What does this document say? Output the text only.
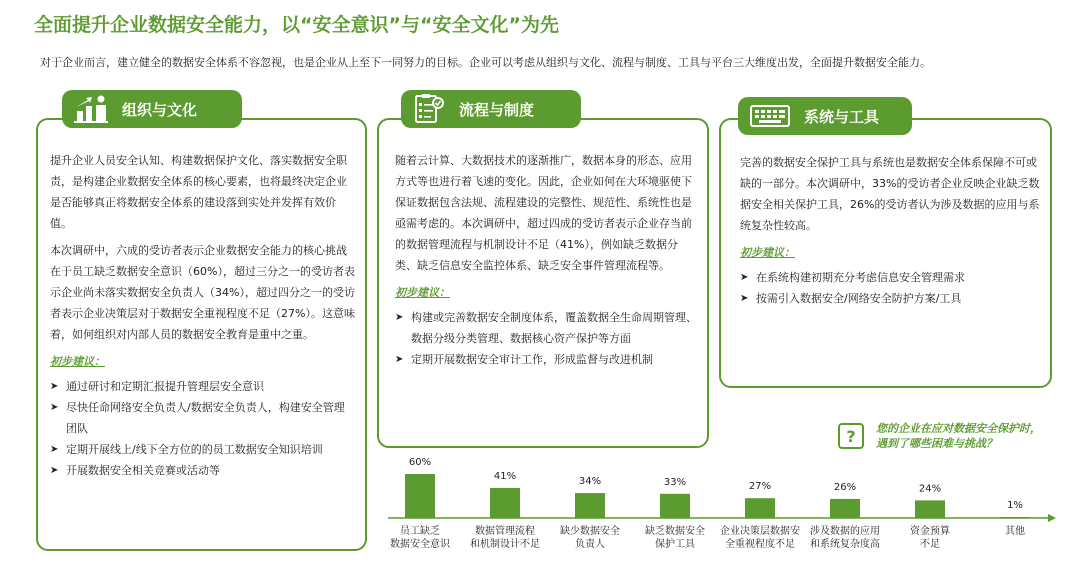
全面提升企业数据安全能力，以“安全意识”与“安全文化”为先
对于企业而言，建立健全的数据安全体系不容忽视，也是企业从上至下一同努力的目标。企业可以考虑从组织与文化、流程与制度、工具与平台三大维度出发，全面提升数据安全能力。
组织与文化

提升企业人员安全认知、构建数据保护文化、落实数据安全职责，是构建企业数据安全体系的核心要素，也将最终决定企业是否能够真正将数据安全体系的建设落到实处并发挥有效价值。

本次调研中，六成的受访者表示企业数据安全能力的核心挑战在于员工缺乏数据安全意识（60%），超过三分之一的受访者表示企业尚未落实数据安全负责人（34%），超过四分之一的受访者表示企业决策层对于数据安全重视程度不足（27%）。这意味着，如何组织对内部人员的数据安全教育是重中之重。

初步建议：
➤ 通过研讨和定期汇报提升管理层安全意识
➤ 尽快任命网络安全负责人/数据安全负责人，构建安全管理团队
➤ 定期开展线上/线下全方位的的员工数据安全知识培训
➤ 开展数据安全相关竞赛或活动等
流程与制度

随着云计算、大数据技术的逐渐推广，数据本身的形态、应用方式等也进行着飞速的变化。因此，企业如何在大环境驱使下保证数据包含法规、流程建设的完整性、规范性、系统性也是亟需考虑的。本次调研中，超过四成的受访者表示企业存当前的数据管理流程与机制设计不足（41%），例如缺乏数据分类、缺乏信息安全监控体系、缺乏安全事件管理流程等。

初步建议：
➤ 构建或完善数据安全制度体系，覆盖数据全生命周期管理、数据分级分类管理、数据核心资产保护等方面
➤ 定期开展数据安全审计工作，形成监督与改进机制
系统与工具

完善的数据安全保护工具与系统也是数据安全体系保障不可或缺的一部分。本次调研中，33%的受访者企业反映企业缺乏数据安全相关保护工具，26%的受访者认为涉及数据的应用与系统复杂性较高。

初步建议：
➤ 在系统构建初期充分考虑信息安全管理需求
➤ 按需引入数据安全/网络安全防护方案/工具
?	您的企业在应对数据安全保护时，
遇到了哪些困难与挑战？
60%
41%	34%	33%	27%	26%	24%
1%
员工缺乏
数据安全意识
数据管理流程
和机制设计不足
缺少数据安全
负责人
缺乏数据安全
保护工具
企业决策层数据安
全重视程度不足
涉及数据的应用
和系统复杂度高
资金预算
不足
其他
